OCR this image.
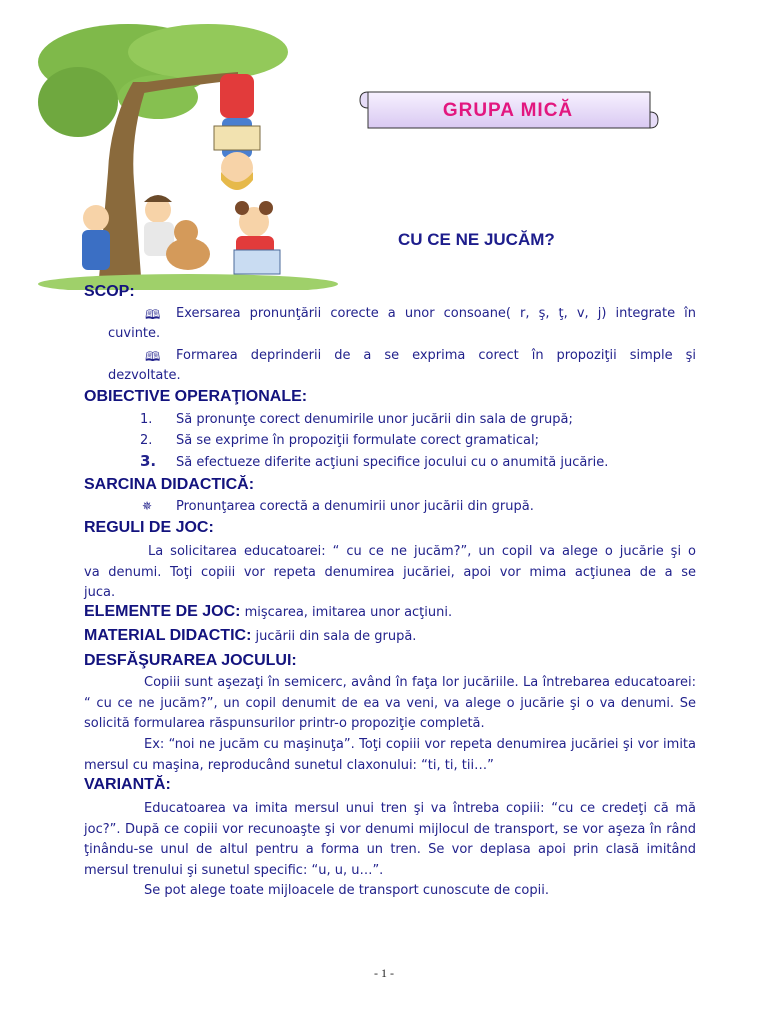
GRUPA MICĂ
CU CE NE JUCĂM?
SCOP:
🕮 Exersarea pronunţării corecte a unor consoane( r, ş, ţ, v, j) integrate în
cuvinte.
🕮 Formarea deprinderii de a se exprima corect în propoziţii simple şi
dezvoltate.
OBIECTIVE OPERAŢIONALE:
1. Să pronunţe corect denumirile unor jucării din sala de grupă;
2. Să se exprime în propoziţii formulate corect gramatical;
3. Să efectueze diferite acţiuni specifice jocului cu o anumită jucărie.
SARCINA DIDACTICĂ:
✵ Pronunţarea corectă a denumirii unor jucării din grupă.
REGULI DE JOC:
La solicitarea educatoarei: “ cu ce ne jucăm?”, un copil va alege o jucărie şi o
va denumi. Toţi copiii vor repeta denumirea jucăriei, apoi vor mima acţiunea de a se
juca.
ELEMENTE DE JOC: mişcarea, imitarea unor acţiuni.
MATERIAL DIDACTIC: jucării din sala de grupă.
DESFĂŞURAREA JOCULUI:
Copiii sunt aşezaţi în semicerc, având în faţa lor jucăriile. La întrebarea educatoarei: “ cu ce ne jucăm?”, un copil denumit de ea va veni, va alege o jucărie şi o va denumi. Se solicită formularea răspunsurilor printr-o propoziţie completă.
Ex: “noi ne jucăm cu maşinuţa”. Toţi copiii vor repeta denumirea jucăriei şi vor imita mersul cu maşina, reproducând sunetul claxonului: “ti, ti, tii…”
VARIANTĂ:
Educatoarea va imita mersul unui tren şi va întreba copiii: “cu ce credeţi că mă joc?”. După ce copiii vor recunoaşte şi vor denumi mijlocul de transport, se vor aşeza în rând ţinându-se unul de altul pentru a forma un tren. Se vor deplasa apoi prin clasă imitând mersul trenului şi sunetul specific: “u, u, u…”.
Se pot alege toate mijloacele de transport cunoscute de copii.
- 1 -
